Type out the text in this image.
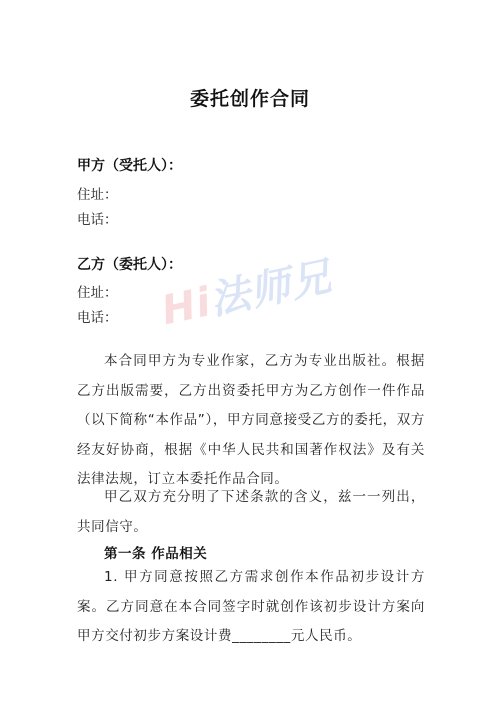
委托创作合同
甲方（受托人）：
住址：
电话：
乙方（委托人）：
住址：
电话：
本合同甲方为专业作家，乙方为专业出版社。根据乙方出版需要，乙方出资委托甲方为乙方创作一件作品（以下简称“本作品”），甲方同意接受乙方的委托，双方经友好协商，根据《中华人民共和国著作权法》及有关法律法规，订立本委托作品合同。
甲乙双方充分明了下述条款的含义，兹一一列出，共同信守。
第一条 作品相关
1. 甲方同意按照乙方需求创作本作品初步设计方案。乙方同意在本合同签字时就创作该初步设计方案向甲方交付初步方案设计费________元人民币。
Hi法师兄
